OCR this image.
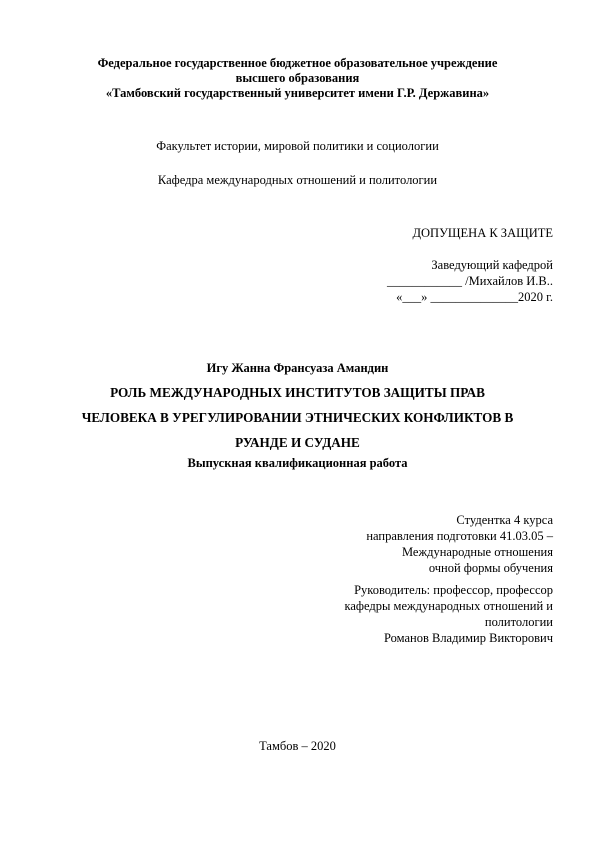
Федеральное государственное бюджетное образовательное учреждение
высшего образования
«Тамбовский государственный университет имени Г.Р. Державина»
Факультет истории, мировой политики и социологии
Кафедра международных отношений и политологии
ДОПУЩЕНА К ЗАЩИТЕ
Заведующий кафедрой
____________ /Михайлов И.В..
«___» ______________2020 г.
Игу Жанна Франсуаза Амандин
РОЛЬ МЕЖДУНАРОДНЫХ ИНСТИТУТОВ ЗАЩИТЫ ПРАВ
ЧЕЛОВЕКА В УРЕГУЛИРОВАНИИ ЭТНИЧЕСКИХ КОНФЛИКТОВ В
РУАНДЕ И СУДАНЕ
Выпускная квалификационная работа
Студентка 4 курса
направления подготовки 41.03.05 –
Международные отношения
очной формы обучения
Руководитель: профессор, профессор
кафедры международных отношений и
политологии
Романов Владимир Викторович
Тамбов – 2020
